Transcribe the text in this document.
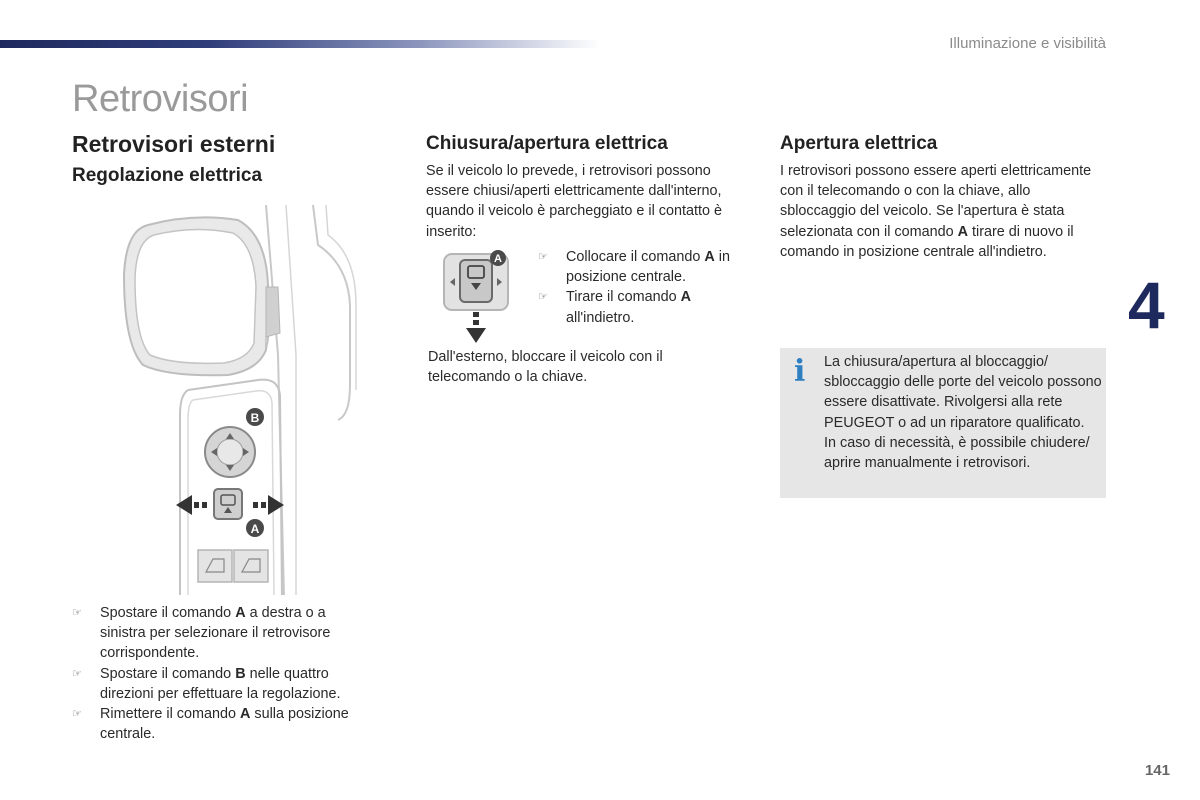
Illuminazione e visibilità
Retrovisori
Retrovisori esterni
Regolazione elettrica
B
A
☞ Spostare il comando A a destra o a sinistra per selezionare il retrovisore corrispondente.
☞ Spostare il comando B nelle quattro direzioni per effettuare la regolazione.
☞ Rimettere il comando A sulla posizione centrale.
Chiusura/apertura elettrica

Se il veicolo lo prevede, i retrovisori possono essere chiusi/aperti elettricamente dall'interno, quando il veicolo è parcheggiato e il contatto è inserito:

A	☞ Collocare il comando A in posizione centrale.
☞ Tirare il comando A all'indietro.

Dall'esterno, bloccare il veicolo con il telecomando o la chiave.

Apertura elettrica

I retrovisori possono essere aperti elettricamente con il telecomando o con la chiave, allo sbloccaggio del veicolo. Se l'apertura è stata selezionata con il comando A tirare di nuovo il comando in posizione centrale all'indietro.

4
i La chiusura/apertura al bloccaggio/ sbloccaggio delle porte del veicolo possono essere disattivate. Rivolgersi alla rete PEUGEOT o ad un riparatore qualificato.
In caso di necessità, è possibile chiudere/ aprire manualmente i retrovisori.
141
